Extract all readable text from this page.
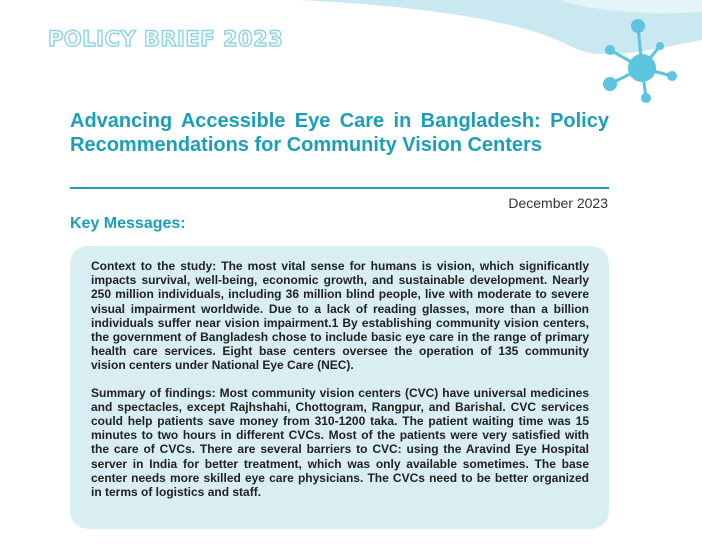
POLICY BRIEF 2023
Advancing Accessible Eye Care in Bangladesh: Policy Recommendations for Community Vision Centers
December 2023
Key Messages:

Context to the study: The most vital sense for humans is vision, which significantly impacts survival, well-being, economic growth, and sustainable development. Nearly 250 million individuals, including 36 million blind people, live with moderate to severe visual impairment worldwide. Due to a lack of reading glasses, more than a billion individuals suffer near vision impairment.1 By establishing community vision centers, the government of Bangladesh chose to include basic eye care in the range of primary health care services. Eight base centers oversee the operation of 135 community vision centers under National Eye Care (NEC).

Summary of findings: Most community vision centers (CVC) have universal medicines and spectacles, except Rajhshahi, Chottogram, Rangpur, and Barishal. CVC services could help patients save money from 310-1200 taka. The patient waiting time was 15 minutes to two hours in different CVCs. Most of the patients were very satisfied with the care of CVCs. There are several barriers to CVC: using the Aravind Eye Hospital server in India for better treatment, which was only available sometimes. The base center needs more skilled eye care physicians. The CVCs need to be better organized in terms of logistics and staff.
